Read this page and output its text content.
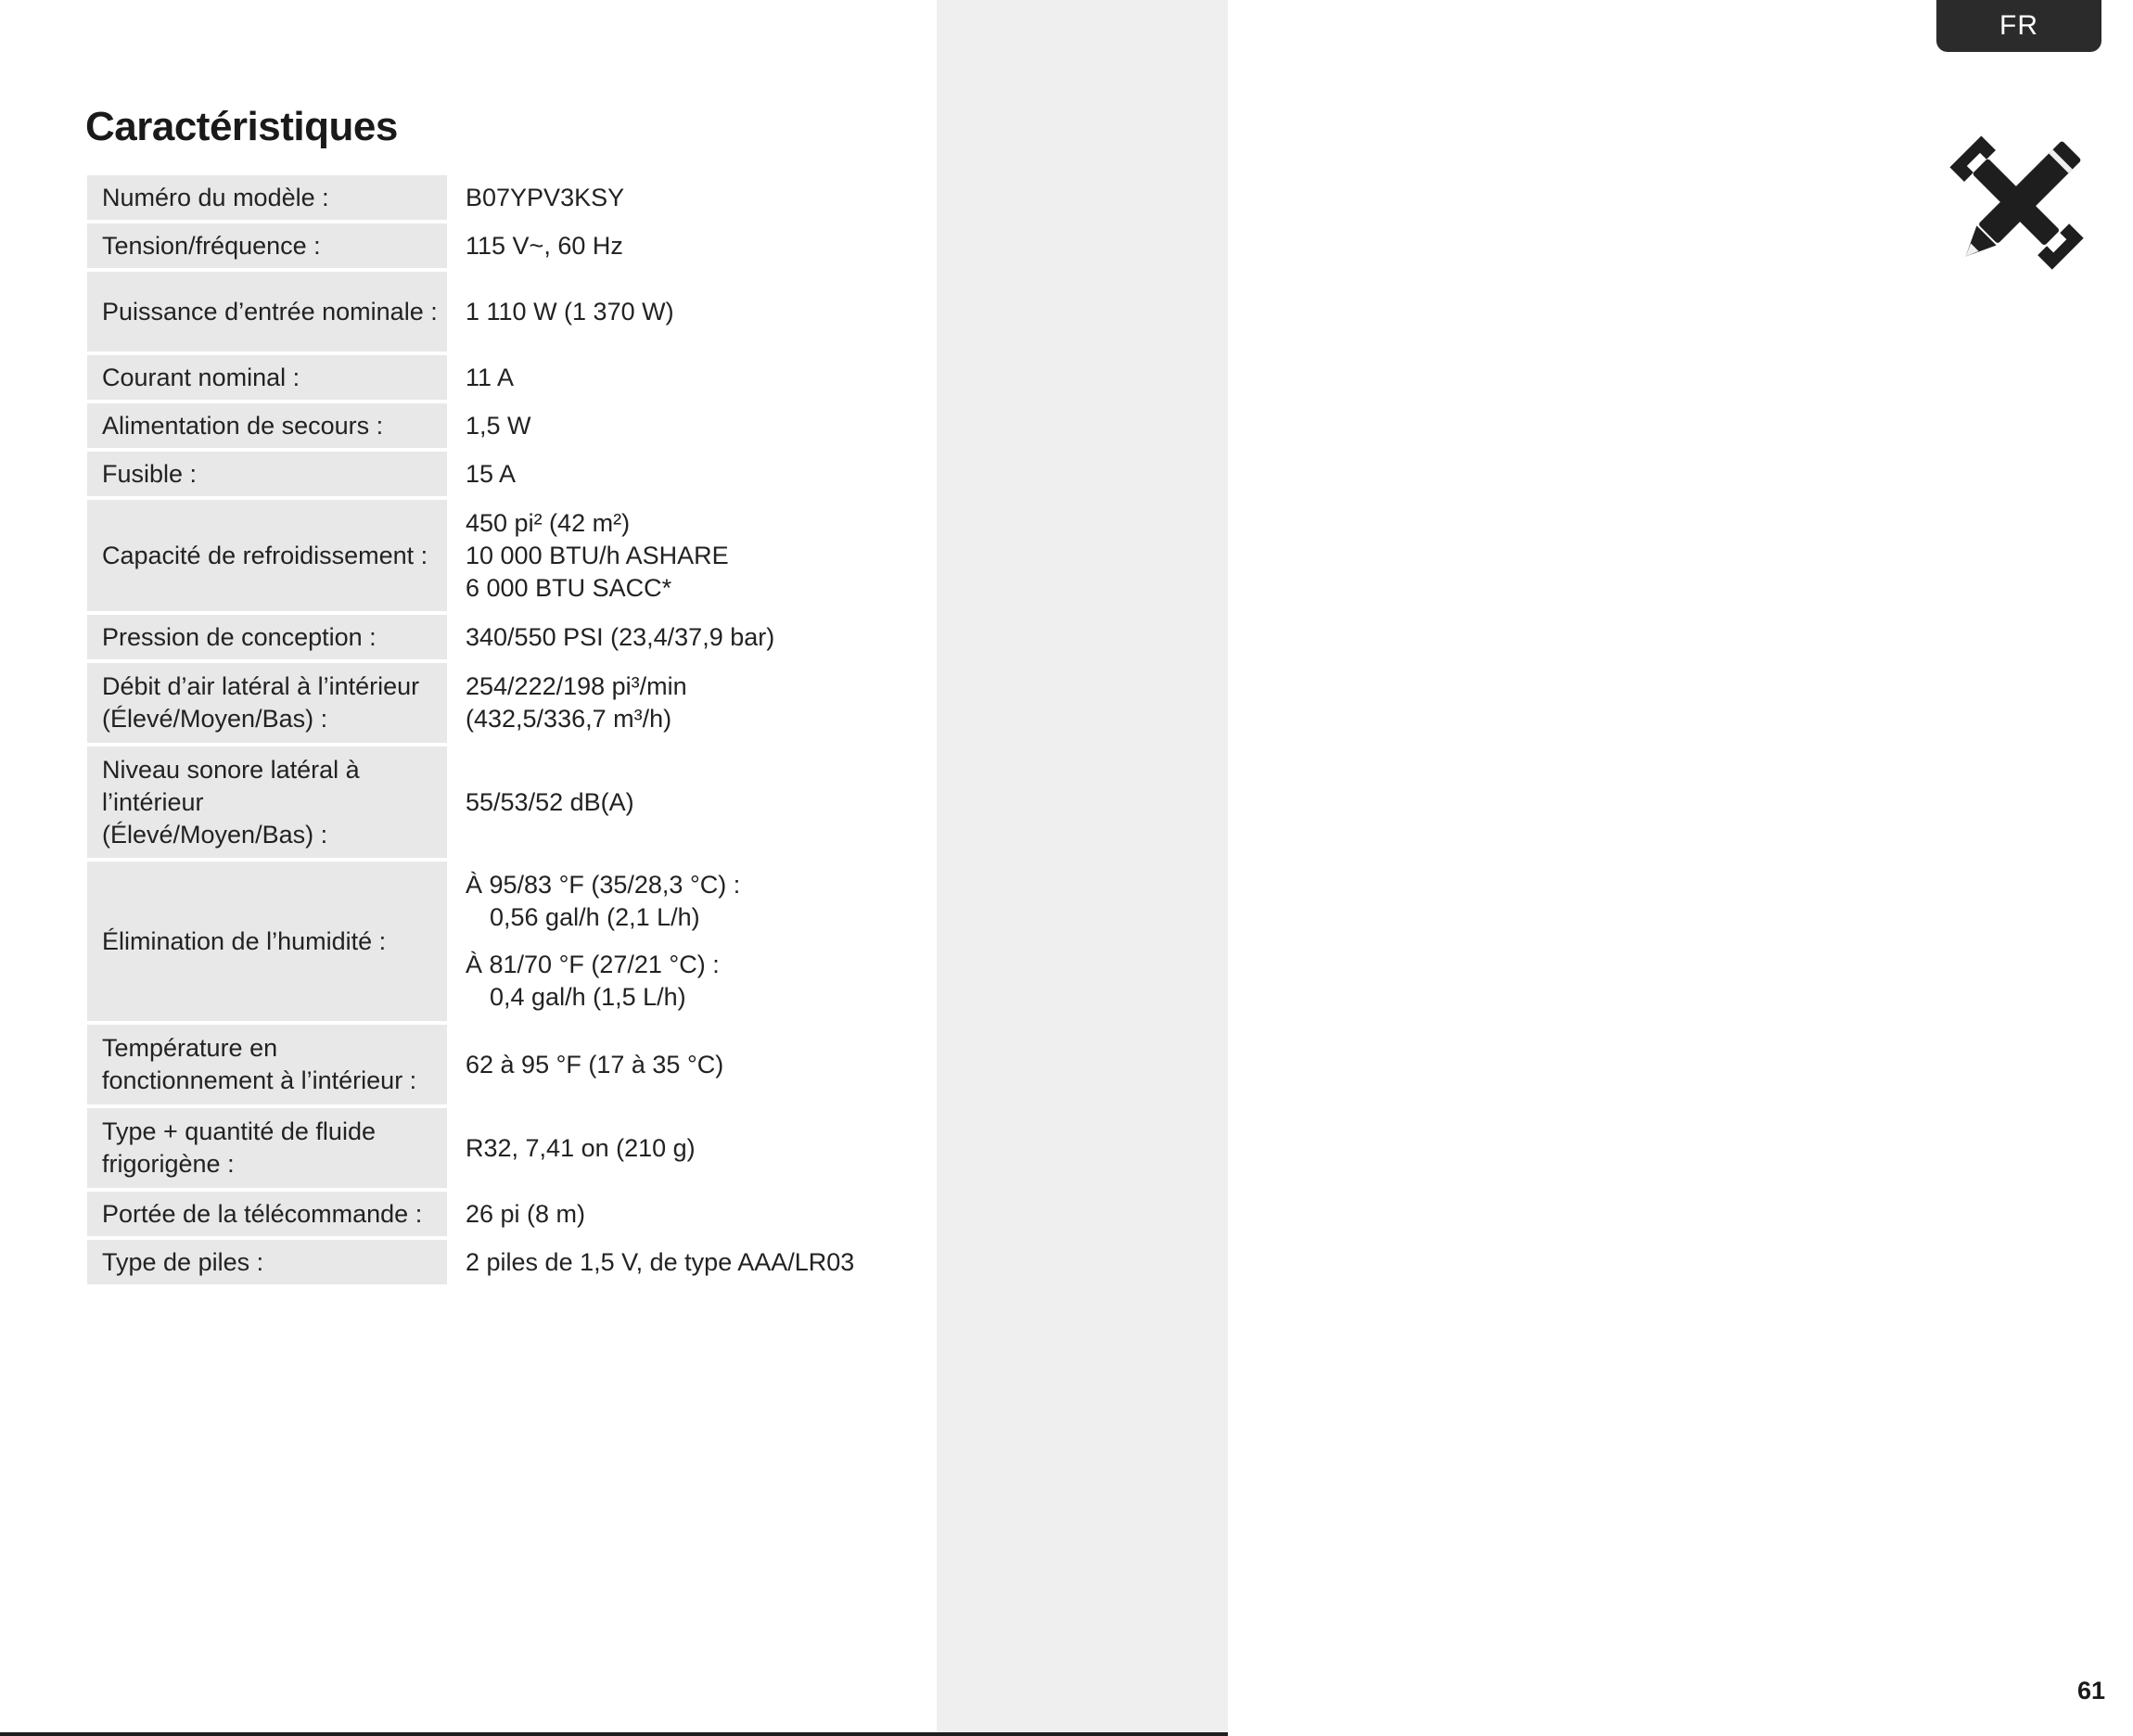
FR
61
Caractéristiques
Numéro du modèle :	B07YPV3KSY
Tension/fréquence :	115 V~, 60 Hz
Puissance d’entrée nominale :	1 110 W (1 370 W)
Courant nominal :	11 A
Alimentation de secours :	1,5 W
Fusible :	15 A
Capacité de refroidissement :	450 pi² (42 m²)
10 000 BTU/h ASHARE
6 000 BTU SACC*

Pression de conception :	340/550 PSI (23,4/37,9 bar)
Débit d’air latéral à l’intérieur (Élevé/Moyen/Bas) :	254/222/198 pi³/min
(432,5/336,7 m³/h)

Niveau sonore latéral à
l’intérieur
(Élevé/Moyen/Bas) :	55/53/52 dB(A)
Élimination de l’humidité :	À 95/83 °F (35/28,3 °C) :
0,56 gal/h (2,1 L/h)
À 81/70 °F (27/21 °C) :
0,4 gal/h (1,5 L/h)

Température en fonctionnement à l’intérieur :	62 à 95 °F (17 à 35 °C)
Type + quantité de fluide frigorigène :	R32, 7,41 on (210 g)
Portée de la télécommande :	26 pi (8 m)
Type de piles :	2 piles de 1,5 V, de type AAA/LR03
